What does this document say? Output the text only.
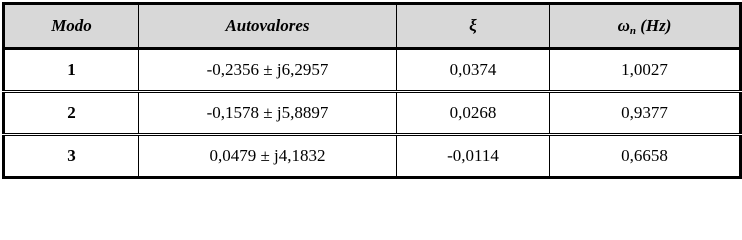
Modo	Autovalores	ξ	$\omega_n$ (Hz)
1	-0,2356 ± j6,2957	0,0374	1,0027
2	-0,1578 ± j5,8897	0,0268	0,9377
3	0,0479 ± j4,1832	-0,0114	0,6658
